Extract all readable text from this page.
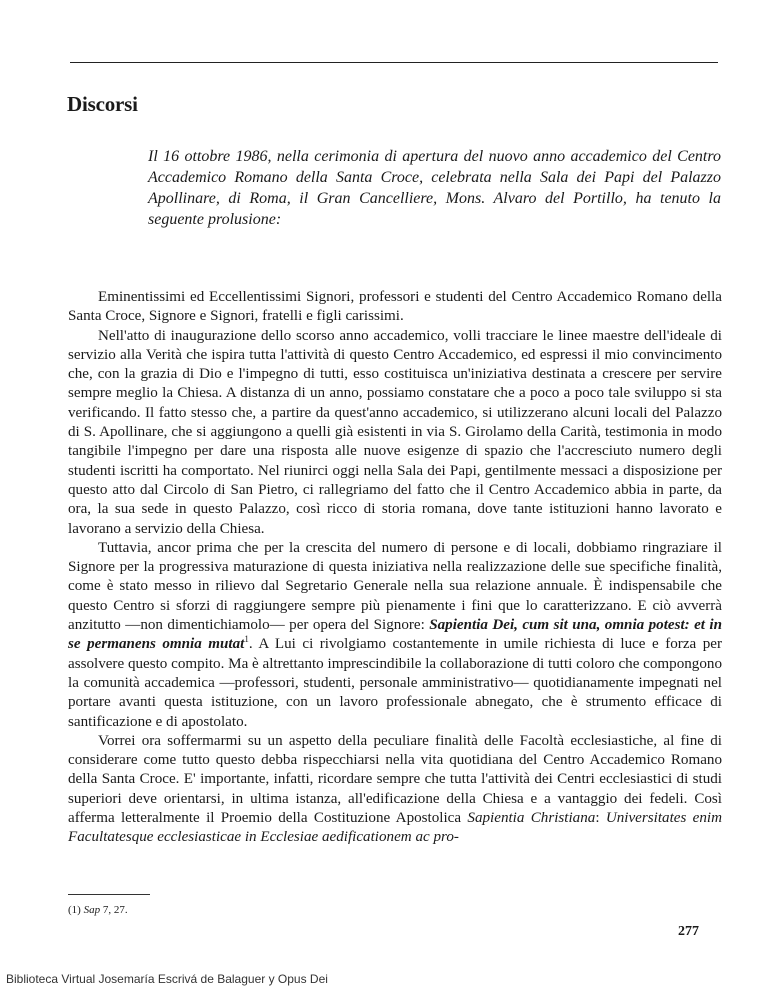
Discorsi

Il 16 ottobre 1986, nella cerimonia di apertura del nuovo anno accademico del Centro Accademico Romano della Santa Croce, celebrata nella Sala dei Papi del Palazzo Apollinare, di Roma, il Gran Cancelliere, Mons. Alvaro del Portillo, ha tenuto la seguente prolusione:

Eminentissimi ed Eccellentissimi Signori, professori e studenti del Centro Accademico Romano della Santa Croce, Signore e Signori, fratelli e figli carissimi.

Nell'atto di inaugurazione dello scorso anno accademico, volli tracciare le linee maestre dell'ideale di servizio alla Verità che ispira tutta l'attività di questo Centro Accademico, ed espressi il mio convincimento che, con la grazia di Dio e l'impegno di tutti, esso costituisca un'iniziativa destinata a crescere per servire sempre meglio la Chiesa. A distanza di un anno, possiamo constatare che a poco a poco tale sviluppo si sta verificando. Il fatto stesso che, a partire da quest'anno accademico, si utilizzerano alcuni locali del Palazzo di S. Apollinare, che si aggiungono a quelli già esistenti in via S. Girolamo della Carità, testimonia in modo tangibile l'impegno per dare una risposta alle nuove esigenze di spazio che l'accresciuto numero degli studenti iscritti ha comportato. Nel riunirci oggi nella Sala dei Papi, gentilmente messaci a disposizione per questo atto dal Circolo di San Pietro, ci rallegriamo del fatto che il Centro Accademico abbia in parte, da ora, la sua sede in questo Palazzo, così ricco di storia romana, dove tante istituzioni hanno lavorato e lavorano a servizio della Chiesa.

Tuttavia, ancor prima che per la crescita del numero di persone e di locali, dobbiamo ringraziare il Signore per la progressiva maturazione di questa iniziativa nella realizzazione delle sue specifiche finalità, come è stato messo in rilievo dal Segretario Generale nella sua relazione annuale. È indispensabile che questo Centro si sforzi di raggiungere sempre più pienamente i fini que lo caratterizzano. E ciò avverrà anzitutto —non dimentichiamolo— per opera del Signore: Sapientia Dei, cum sit una, omnia potest: et in se permanens omnia mutat$^1$. A Lui ci rivolgiamo costantemente in umile richiesta di luce e forza per assolvere questo compito. Ma è altrettanto imprescindibile la collaborazione di tutti coloro che compongono la comunità accademica —professori, studenti, personale amministrativo— quotidianamente impegnati nel portare avanti questa istituzione, con un lavoro professionale abnegato, che è strumento efficace di santificazione e di apostolato.

Vorrei ora soffermarmi su un aspetto della peculiare finalità delle Facoltà ecclesiastiche, al fine di considerare come tutto questo debba rispecchiarsi nella vita quotidiana del Centro Accademico Romano della Santa Croce. E' importante, infatti, ricordare sempre che tutta l'attività dei Centri ecclesiastici di studi superiori deve orientarsi, in ultima istanza, all'edificazione della Chiesa e a vantaggio dei fedeli. Così afferma letteralmente il Proemio della Costituzione Apostolica Sapientia Christiana: Universitates enim Facultatesque ecclesiasticae in Ecclesiae aedificationem ac pro-

(1) Sap 7, 27.

277

Biblioteca Virtual Josemaría Escrivá de Balaguer y Opus Dei
